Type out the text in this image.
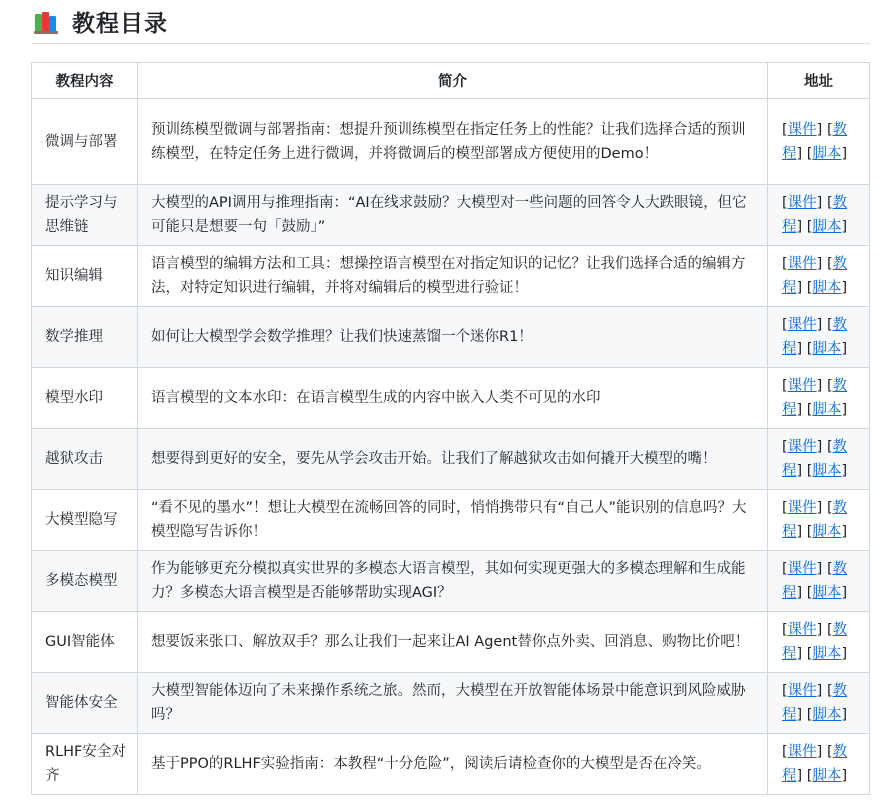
教程目录
教程内容	简介	地址
微调与部署	预训练模型微调与部署指南：想提升预训练模型在指定任务上的性能？让我们选择合适的预训练模型，在特定任务上进行微调，并将微调后的模型部署成方便使用的Demo！	[课件] [教程] [脚本]
提示学习与思维链	大模型的API调用与推理指南：“AI在线求鼓励？大模型对一些问题的回答令人大跌眼镜，但它可能只是想要一句「鼓励」”	[课件] [教程] [脚本]
知识编辑	语言模型的编辑方法和工具：想操控语言模型在对指定知识的记忆？让我们选择合适的编辑方法，对特定知识进行编辑，并将对编辑后的模型进行验证！	[课件] [教程] [脚本]
数学推理	如何让大模型学会数学推理？让我们快速蒸馏一个迷你R1！	[课件] [教程] [脚本]
模型水印	语言模型的文本水印：在语言模型生成的内容中嵌入人类不可见的水印	[课件] [教程] [脚本]
越狱攻击	想要得到更好的安全，要先从学会攻击开始。让我们了解越狱攻击如何撬开大模型的嘴！	[课件] [教程] [脚本]
大模型隐写	“看不见的墨水”！想让大模型在流畅回答的同时，悄悄携带只有“自己人”能识别的信息吗？大模型隐写告诉你！	[课件] [教程] [脚本]
多模态模型	作为能够更充分模拟真实世界的多模态大语言模型，其如何实现更强大的多模态理解和生成能力？多模态大语言模型是否能够帮助实现AGI？	[课件] [教程] [脚本]
GUI智能体	想要饭来张口、解放双手？那么让我们一起来让AI Agent替你点外卖、回消息、购物比价吧！	[课件] [教程] [脚本]
智能体安全	大模型智能体迈向了未来操作系统之旅。然而，大模型在开放智能体场景中能意识到风险威胁吗？	[课件] [教程] [脚本]
RLHF安全对齐	基于PPO的RLHF实验指南：本教程“十分危险”，阅读后请检查你的大模型是否在冷笑。	[课件] [教程] [脚本]
